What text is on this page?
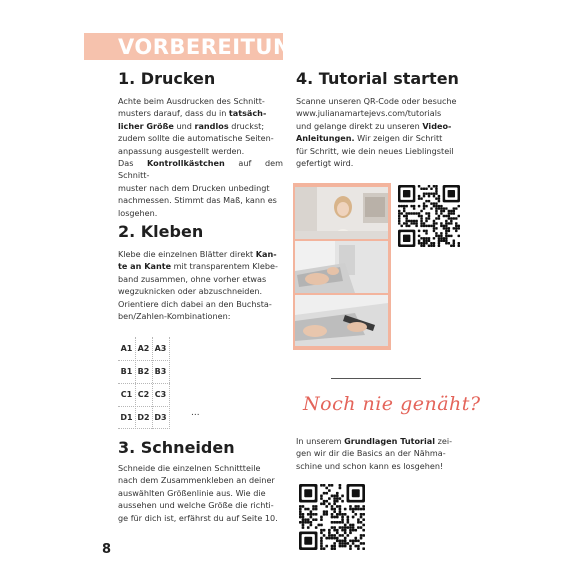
VORBEREITUNG
1. Drucken
Achte beim Ausdrucken des Schnitt-
musters darauf, dass du in tatsäch-
licher Größe und randlos druckst;
zudem sollte die automatische Seiten-
anpassung ausgestellt werden.
Das Kontrollkästchen auf dem Schnitt-
muster nach dem Drucken unbedingt
nachmessen. Stimmt das Maß, kann es
losgehen.
2. Kleben
Klebe die einzelnen Blätter direkt Kan-
te an Kante mit transparentem Klebe-
band zusammen, ohne vorher etwas
wegzuknicken oder abzuschneiden.
Orientiere dich dabei an den Buchsta-
ben/Zahlen-Kombinationen:
A1 A2 A3
B1 B2 B3
C1 C2 C3
D1 D2 D3	...
3. Schneiden
Schneide die einzelnen Schnittteile
nach dem Zusammenkleben an deiner
auswählten Größenlinie aus. Wie die
aussehen und welche Größe die richti-
ge für dich ist, erfährst du auf Seite 10.
4. Tutorial starten
Scanne unseren QR-Code oder besuche
www.julianamartejevs.com/tutorials
und gelange direkt zu unseren Video-
Anleitungen. Wir zeigen dir Schritt
für Schritt, wie dein neues Lieblingsteil
gefertigt wird.
Noch nie genäht?
In unserem Grundlagen Tutorial zei-
gen wir dir die Basics an der Nähma-
schine und schon kann es losgehen!
8
